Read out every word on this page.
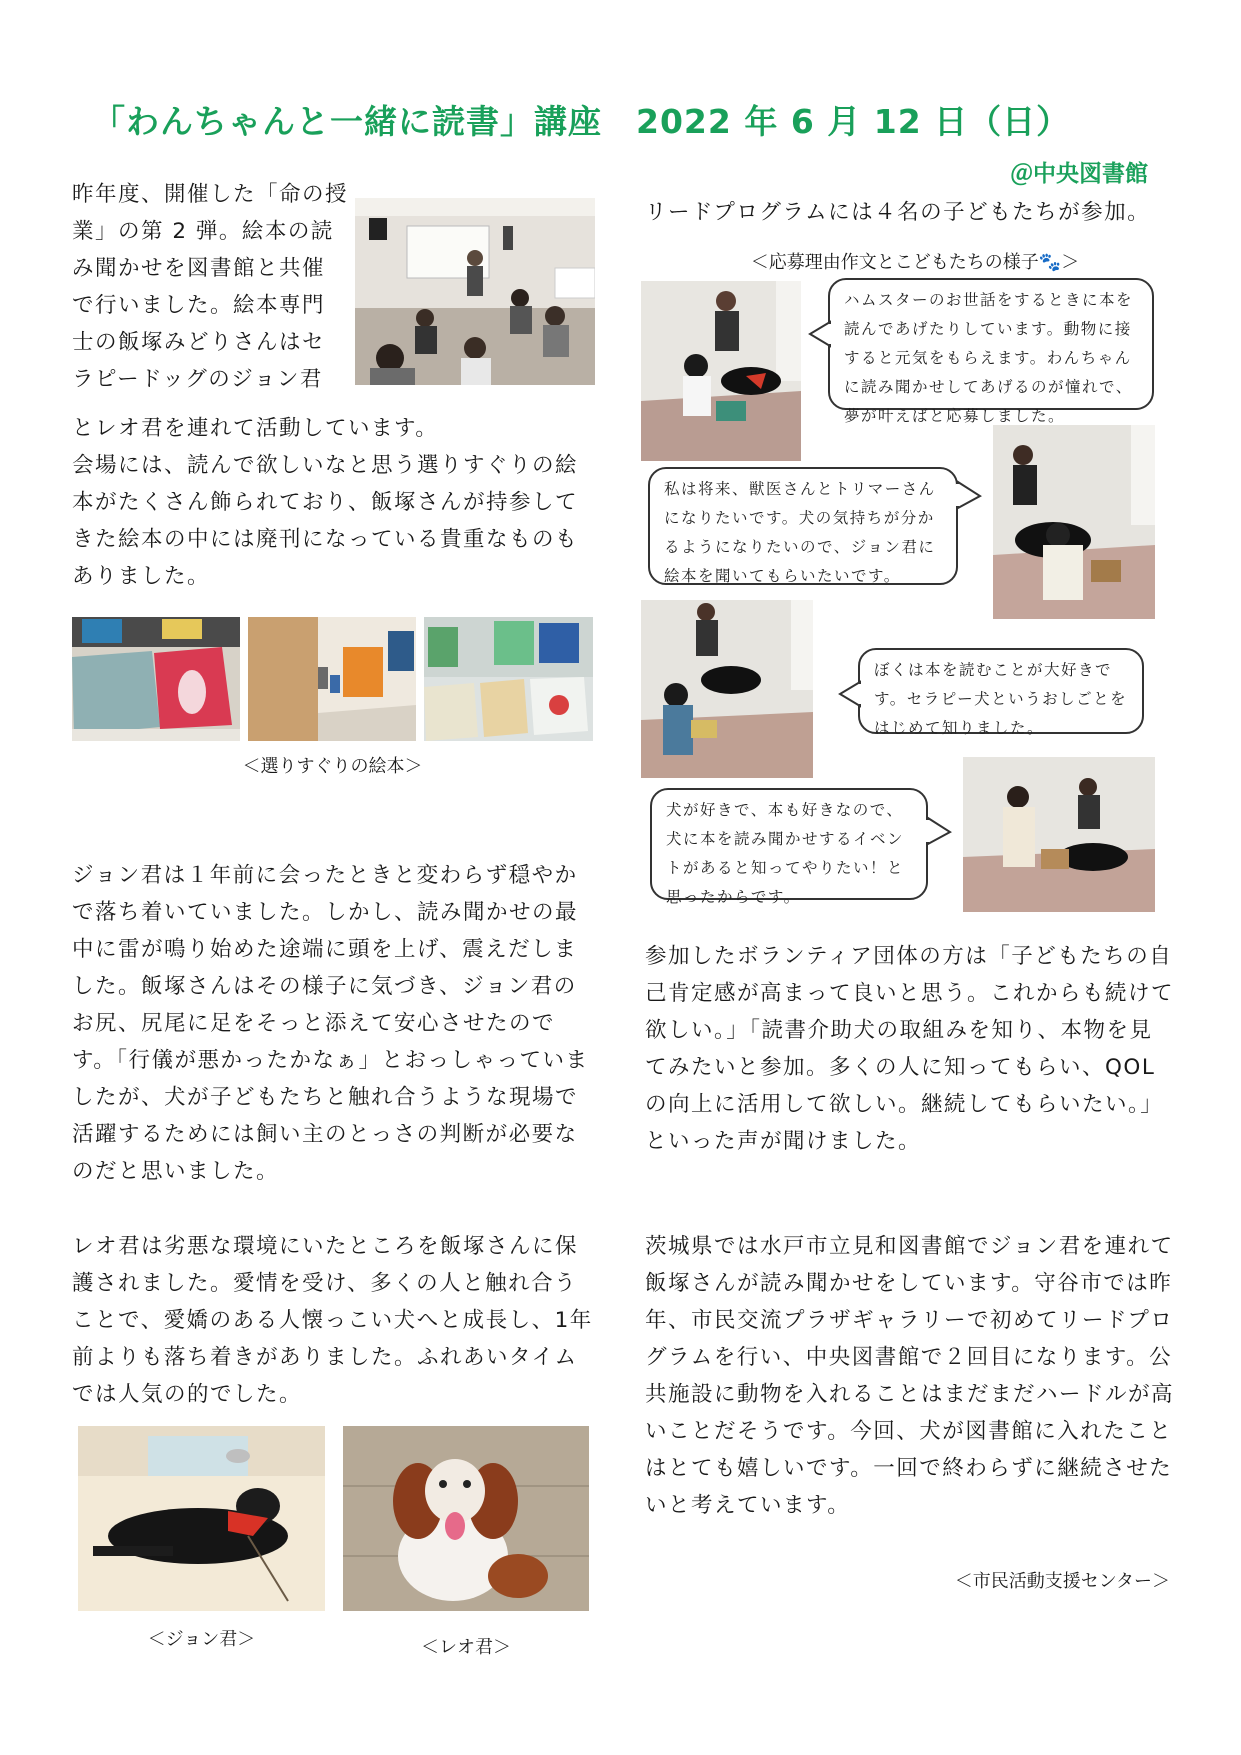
「わんちゃんと一緒に読書」講座　2022 年 6 月 12 日（日）
＠中央図書館
昨年度、開催した「命の授
業」の第 2 弾。絵本の読
み聞かせを図書館と共催
で行いました。絵本専門
士の飯塚みどりさんはセ
ラピードッグのジョン君
とレオ君を連れて活動しています。
会場には、読んで欲しいなと思う選りすぐりの絵本がたくさん飾られており、飯塚さんが持参してきた絵本の中には廃刊になっている貴重なものもありました。
＜選りすぐりの絵本＞
ジョン君は１年前に会ったときと変わらず穏やかで落ち着いていました。しかし、読み聞かせの最中に雷が鳴り始めた途端に頭を上げ、震えだしました。飯塚さんはその様子に気づき、ジョン君のお尻、尻尾に足をそっと添えて安心させたのです。「行儀が悪かったかなぁ」とおっしゃっていましたが、犬が子どもたちと触れ合うような現場で活躍するためには飼い主のとっさの判断が必要なのだと思いました。
レオ君は劣悪な環境にいたところを飯塚さんに保護されました。愛情を受け、多くの人と触れ合うことで、愛嬌のある人懐っこい犬へと成長し、1年前よりも落ち着きがありました。ふれあいタイムでは人気の的でした。
＜ジョン君＞	＜レオ君＞
リードプログラムには４名の子どもたちが参加。
＜応募理由作文とこどもたちの様子🐾＞
ハムスターのお世話をするときに本を読んであげたりしています。動物に接すると元気をもらえます。わんちゃんに読み聞かせしてあげるのが憧れで、夢が叶えばと応募しました。
私は将来、獣医さんとトリマーさんになりたいです。犬の気持ちが分かるようになりたいので、ジョン君に絵本を聞いてもらいたいです。
ぼくは本を読むことが大好きです。セラピー犬というおしごとをはじめて知りました。
犬が好きで、本も好きなので、犬に本を読み聞かせするイベントがあると知ってやりたい！と思ったからです。
参加したボランティア団体の方は「子どもたちの自己肯定感が高まって良いと思う。これからも続けて欲しい。」「読書介助犬の取組みを知り、本物を見てみたいと参加。多くの人に知ってもらい、QOLの向上に活用して欲しい。継続してもらいたい。」といった声が聞けました。
茨城県では水戸市立見和図書館でジョン君を連れて飯塚さんが読み聞かせをしています。守谷市では昨年、市民交流プラザギャラリーで初めてリードプログラムを行い、中央図書館で２回目になります。公共施設に動物を入れることはまだまだハードルが高いことだそうです。今回、犬が図書館に入れたことはとても嬉しいです。一回で終わらずに継続させたいと考えています。
＜市民活動支援センター＞
